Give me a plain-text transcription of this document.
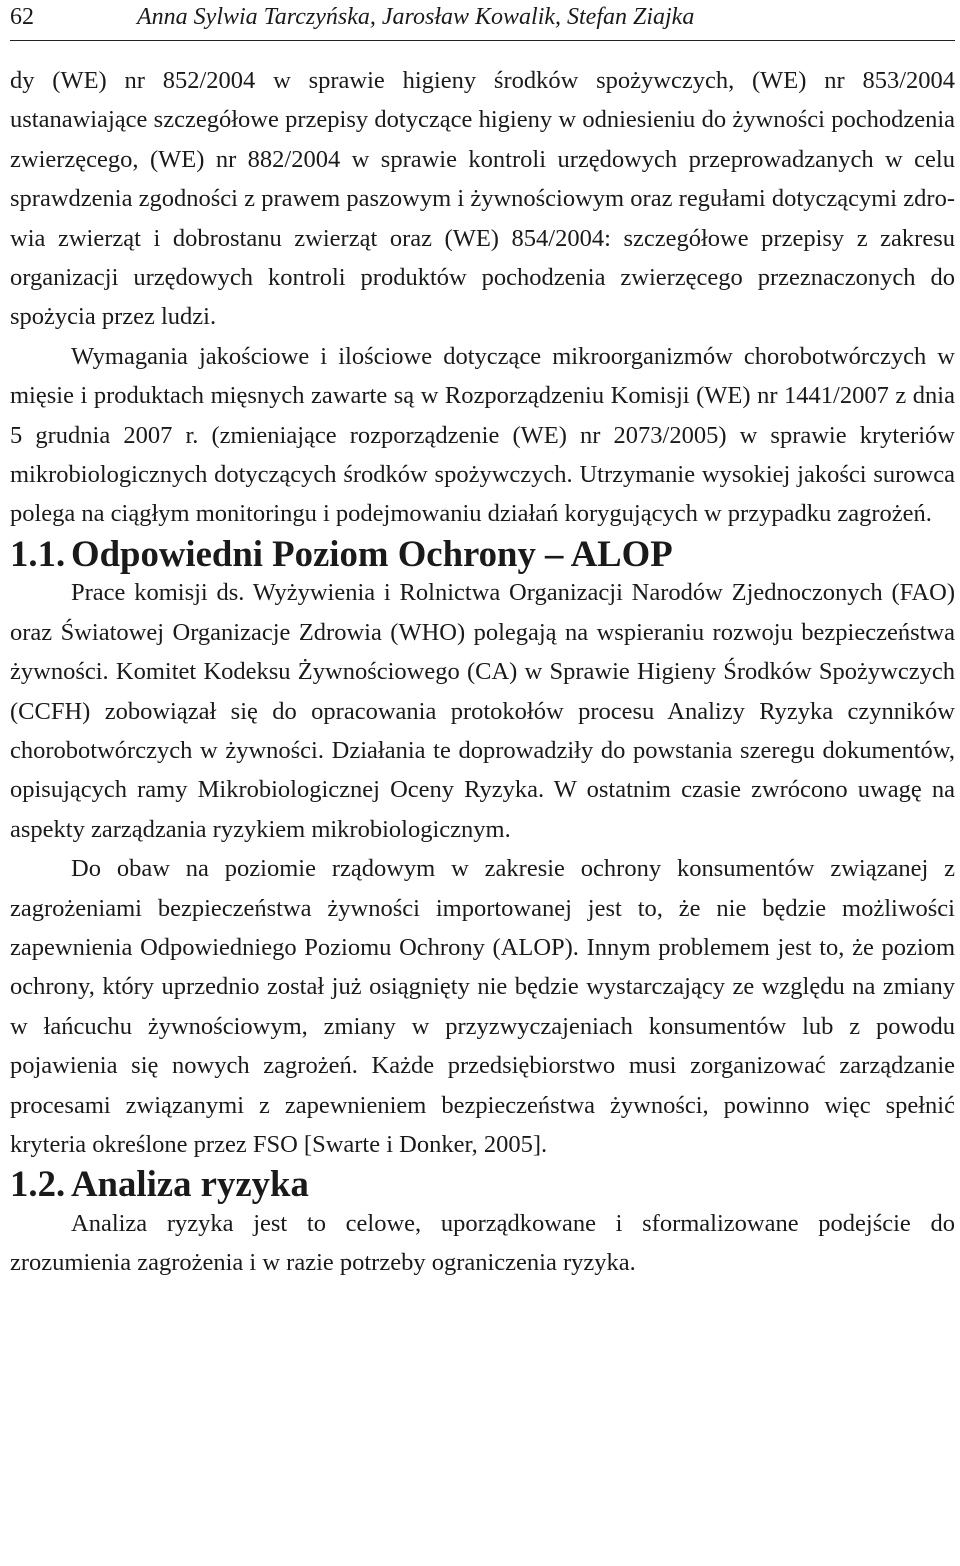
62	Anna Sylwia Tarczyńska, Jarosław Kowalik, Stefan Ziajka

dy (WE) nr 852/2004 w sprawie higieny środków spożywczych, (WE) nr 853/2004 ustanawiające szczegółowe przepisy dotyczące higieny w odniesieniu do żywności pochodzenia zwierzęcego, (WE) nr 882/2004 w sprawie kontroli urzędowych przeprowadzanych w celu sprawdzenia zgodności z prawem paszowym i żywnościowym oraz regułami dotyczącymi zdrowia zwierząt i dobrostanu zwierząt oraz (WE) 854/2004: szczegółowe przepisy z zakresu organizacji urzędowych kontroli produktów pochodzenia zwierzęcego przeznaczonych do spożycia przez ludzi.

Wymagania jakościowe i ilościowe dotyczące mikroorganizmów chorobotwórczych w mięsie i produktach mięsnych zawarte są w Rozporządzeniu Komisji (WE) nr 1441/2007 z dnia 5 grudnia 2007 r. (zmieniające rozporządzenie (WE) nr 2073/2005) w sprawie kryteriów mikrobiologicznych dotyczących środków spożywczych. Utrzymanie wysokiej jakości surowca polega na ciągłym monitoringu i podejmowaniu działań korygujących w przypadku zagrożeń.

1.1. Odpowiedni Poziom Ochrony – ALOP

Prace komisji ds. Wyżywienia i Rolnictwa Organizacji Narodów Zjednoczonych (FAO) oraz Światowej Organizacje Zdrowia (WHO) polegają na wspieraniu rozwoju bezpieczeństwa żywności. Komitet Kodeksu Żywnościowego (CA) w Sprawie Higieny Środków Spożywczych (CCFH) zobowiązał się do opracowania protokołów procesu Analizy Ryzyka czynników chorobotwórczych w żywności. Działania te doprowadziły do powstania szeregu dokumentów, opisujących ramy Mikrobiologicznej Oceny Ryzyka. W ostatnim czasie zwrócono uwagę na aspekty zarządzania ryzykiem mikrobiologicznym.

Do obaw na poziomie rządowym w zakresie ochrony konsumentów związanej z zagrożeniami bezpieczeństwa żywności importowanej jest to, że nie będzie możliwości zapewnienia Odpowiedniego Poziomu Ochrony (ALOP). Innym problemem jest to, że poziom ochrony, który uprzednio został już osiągnięty nie będzie wystarczający ze względu na zmiany w łańcuchu żywnościowym, zmiany w przyzwyczajeniach konsumentów lub z powodu pojawienia się nowych zagrożeń. Każde przedsiębiorstwo musi zorganizować zarządzanie procesami związanymi z zapewnieniem bezpieczeństwa żywności, powinno więc spełnić kryteria określone przez FSO [Swarte i Donker, 2005].

1.2. Analiza ryzyka

Analiza ryzyka jest to celowe, uporządkowane i sformalizowane podejście do zrozumienia zagrożenia i w razie potrzeby ograniczenia ryzyka.
